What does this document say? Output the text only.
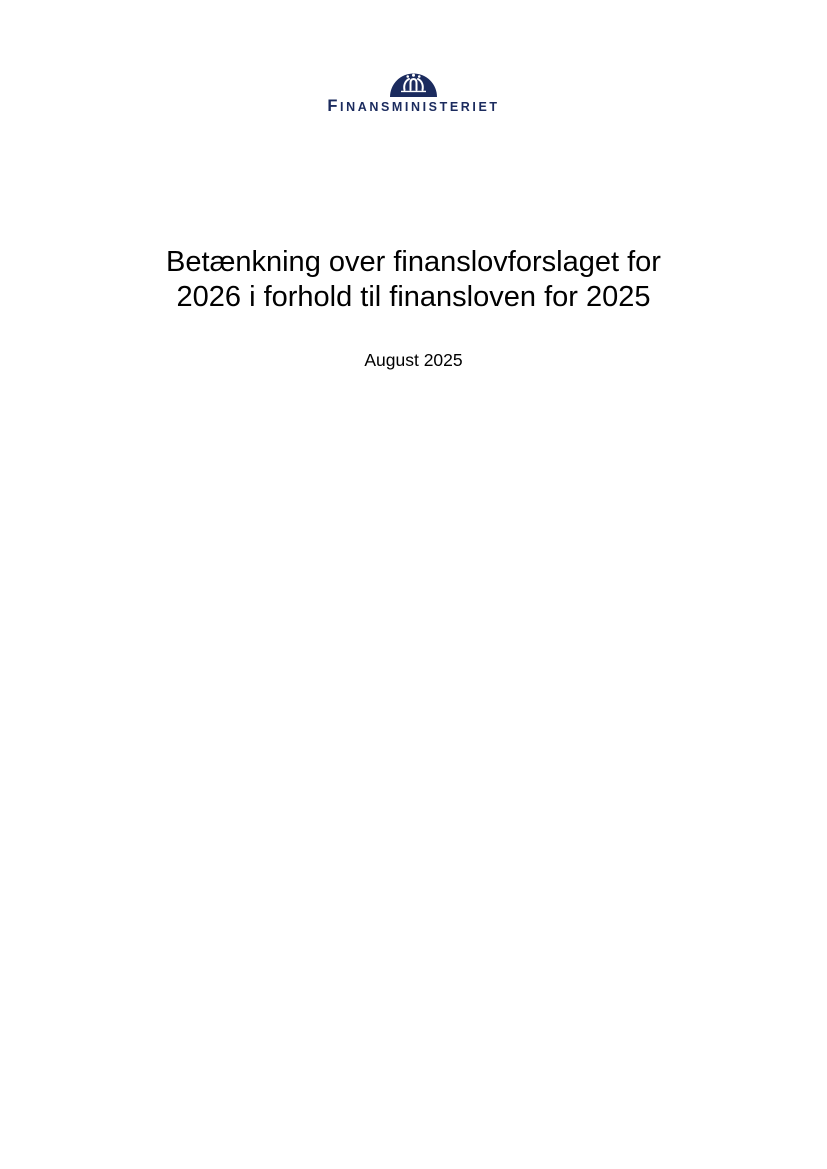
FINANSMINISTERIET
Betænkning over finanslovforslaget for
2026 i forhold til finansloven for 2025
August 2025
